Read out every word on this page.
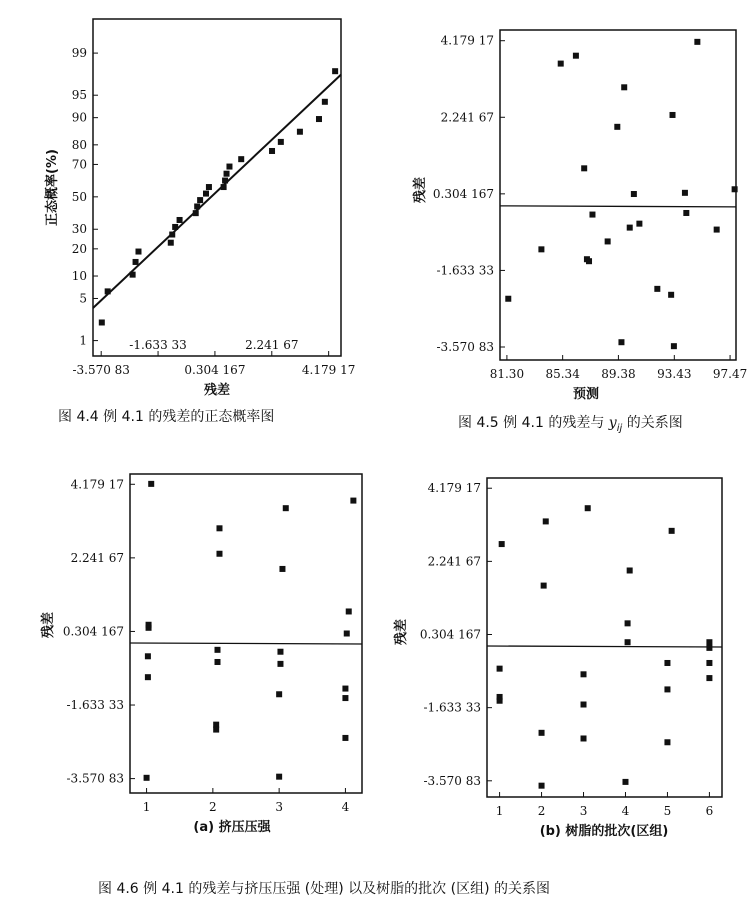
1
5
10
20
30
50
70
80
90
95
99
-3.570 83
-1.633 33
0.304 167
2.241 67
4.179 17
残差
正态概率(%)
-3.570 83
-1.633 33
0.304 167
2.241 67
4.179 17
81.30 85.34 89.38 93.43 97.47
预测
残差
-3.570 83
-1.633 33
0.304 167
2.241 67
4.179 17
1	2	3	4
(a) 挤压压强
残差
-3.570 83
-1.633 33
0.304 167
2.241 67
4.179 17
1	2	3	4	5	6
(b) 树脂的批次(区组)
残差
图 4.4 例 4.1 的残差的正态概率图	图 4.5 例 4.1 的残差与 $y_{ij}$ 的关系图
图 4.6 例 4.1 的残差与挤压压强 (处理) 以及树脂的批次 (区组) 的关系图
